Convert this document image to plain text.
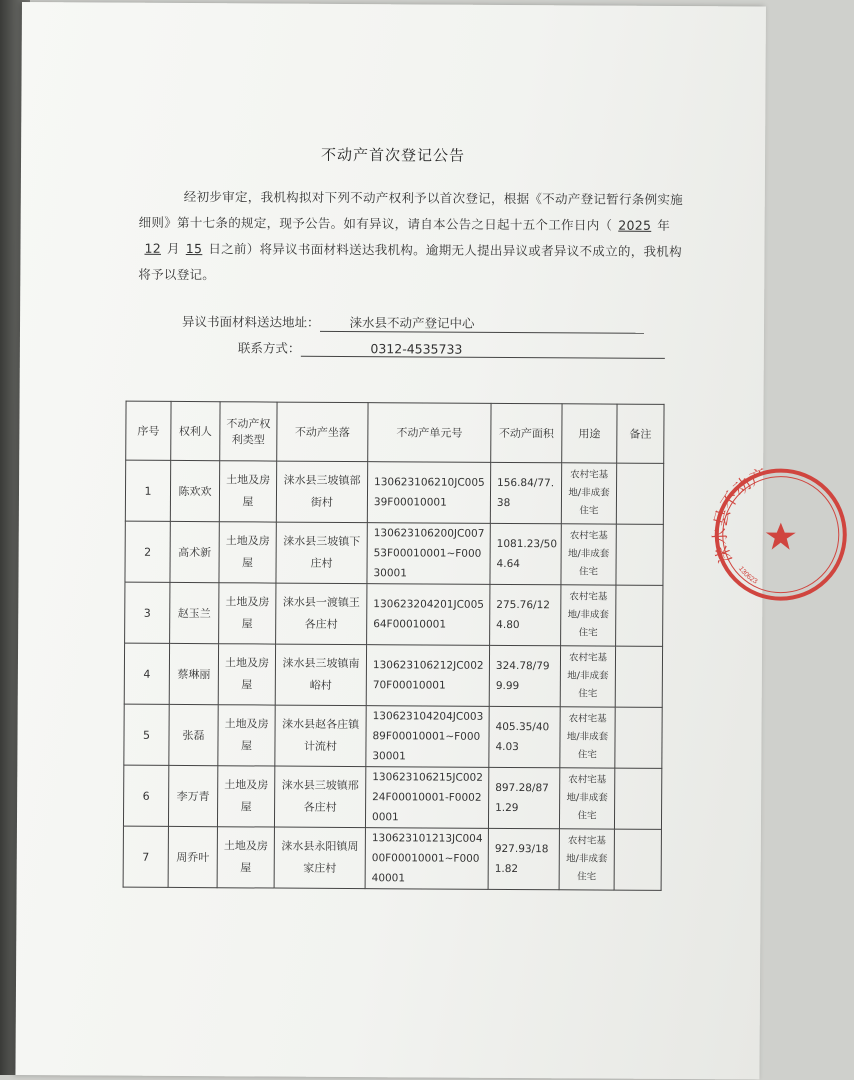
不动产首次登记公告
经初步审定，我机构拟对下列不动产权利予以首次登记，根据《不动产登记暂行条例实施细则》第十七条的规定，现予公告。如有异议，请自本公告之日起十五个工作日内（ 2025 年12 月 15 日之前）将异议书面材料送达我机构。逾期无人提出异议或者异议不成立的，我机构将予以登记。
异议书面材料送达地址： 涞水县不动产登记中心
联系方式：	0312-4535733
序号	权利人	不动产权利类型	不动产坐落	不动产单元号	不动产面积	用途	备注
1	陈欢欢	土地及房屋	涞水县三坡镇部街村	130623106210JC00539F00010001	156.84/77.38	农村宅基地/非成套住宅	
2	高术新	土地及房屋	涞水县三坡镇下庄村	130623106200JC00753F00010001~F00030001	1081.23/504.64	农村宅基地/非成套住宅	
3	赵玉兰	土地及房屋	涞水县一渡镇王各庄村	130623204201JC00564F00010001	275.76/124.80	农村宅基地/非成套住宅	
4	蔡琳丽	土地及房屋	涞水县三坡镇南峪村	130623106212JC00270F00010001	324.78/799.99	农村宅基地/非成套住宅	
5	张磊	土地及房屋	涞水县赵各庄镇计流村	130623104204JC00389F00010001~F00030001	405.35/404.03	农村宅基地/非成套住宅	
6	李万青	土地及房屋	涞水县三坡镇邢各庄村	130623106215JC00224F00010001-F00020001	897.28/871.29	农村宅基地/非成套住宅	
7	周乔叶	土地及房屋	涞水县永阳镇周家庄村	130623101213JC00400F00010001~F00040001	927.93/181.82	农村宅基地/非成套住宅	
涞水县不动产
130623
